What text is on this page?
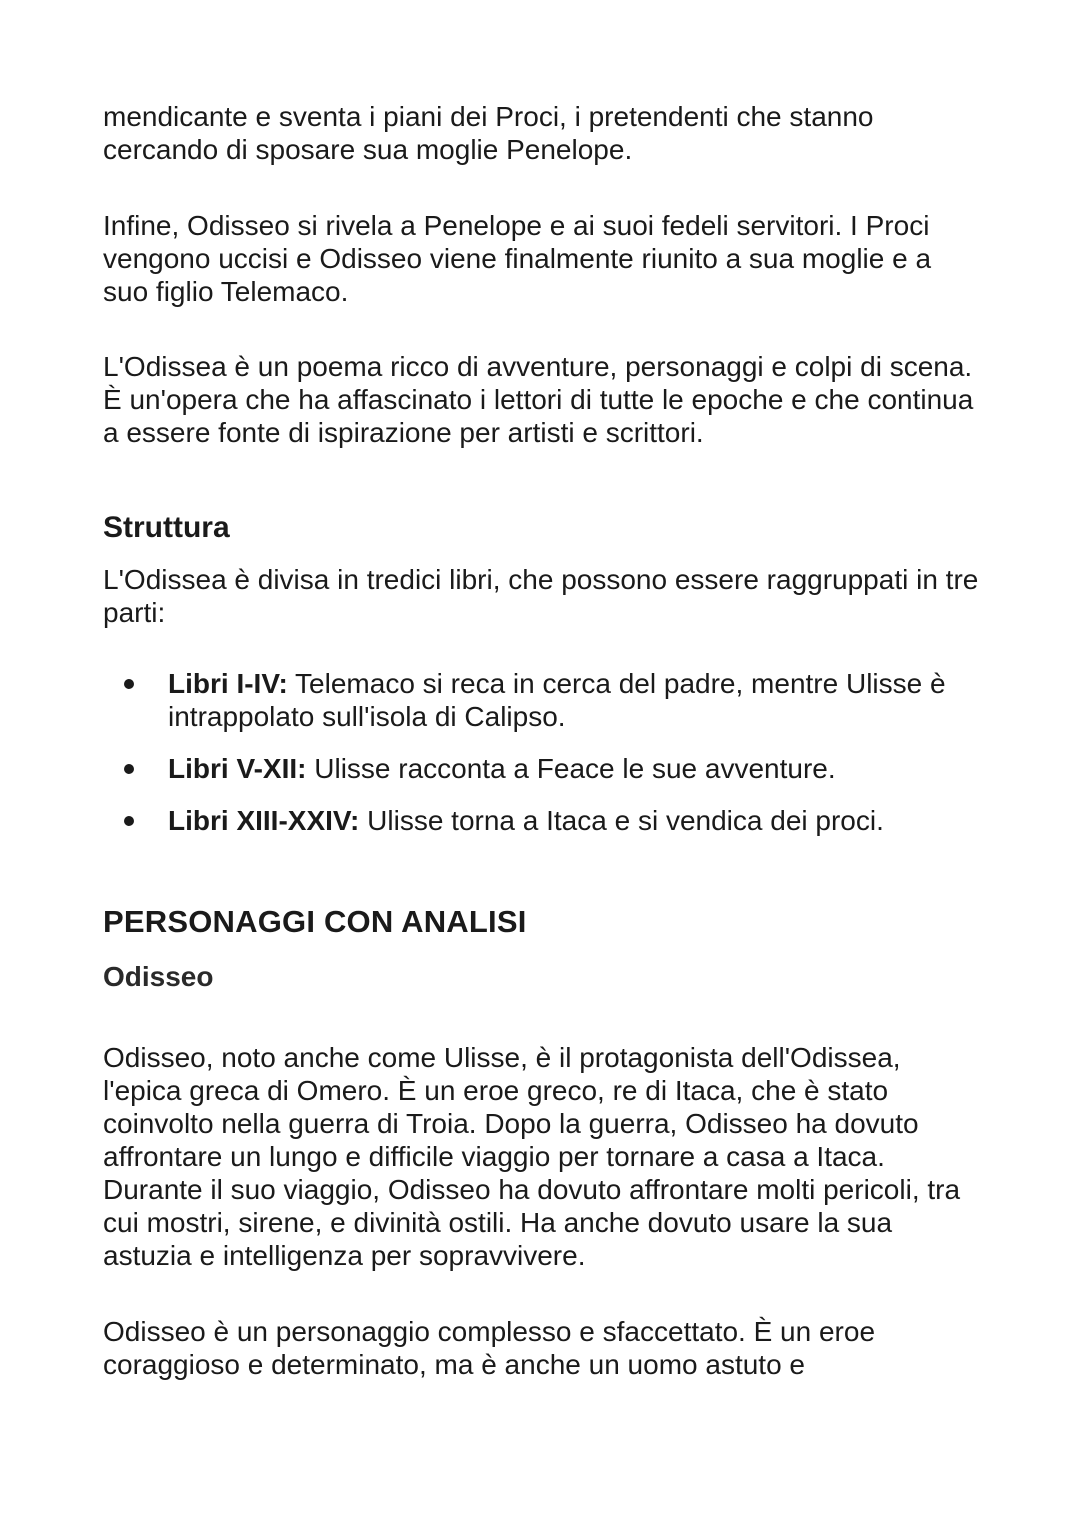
mendicante e sventa i piani dei Proci, i pretendenti che stanno cercando di sposare sua moglie Penelope.

Infine, Odisseo si rivela a Penelope e ai suoi fedeli servitori. I Proci vengono uccisi e Odisseo viene finalmente riunito a sua moglie e a suo figlio Telemaco.

L'Odissea è un poema ricco di avventure, personaggi e colpi di scena. È un'opera che ha affascinato i lettori di tutte le epoche e che continua a essere fonte di ispirazione per artisti e scrittori.

Struttura

L'Odissea è divisa in tredici libri, che possono essere raggruppati in tre parti:

Libri I-IV: Telemaco si reca in cerca del padre, mentre Ulisse è intrappolato sull'isola di Calipso.
Libri V-XII: Ulisse racconta a Feace le sue avventure.
Libri XIII-XXIV: Ulisse torna a Itaca e si vendica dei proci.
PERSONAGGI CON ANALISI
Odisseo

Odisseo, noto anche come Ulisse, è il protagonista dell'Odissea, l'epica greca di Omero. È un eroe greco, re di Itaca, che è stato coinvolto nella guerra di Troia. Dopo la guerra, Odisseo ha dovuto affrontare un lungo e difficile viaggio per tornare a casa a Itaca. Durante il suo viaggio, Odisseo ha dovuto affrontare molti pericoli, tra cui mostri, sirene, e divinità ostili. Ha anche dovuto usare la sua astuzia e intelligenza per sopravvivere.

Odisseo è un personaggio complesso e sfaccettato. È un eroe coraggioso e determinato, ma è anche un uomo astuto e
